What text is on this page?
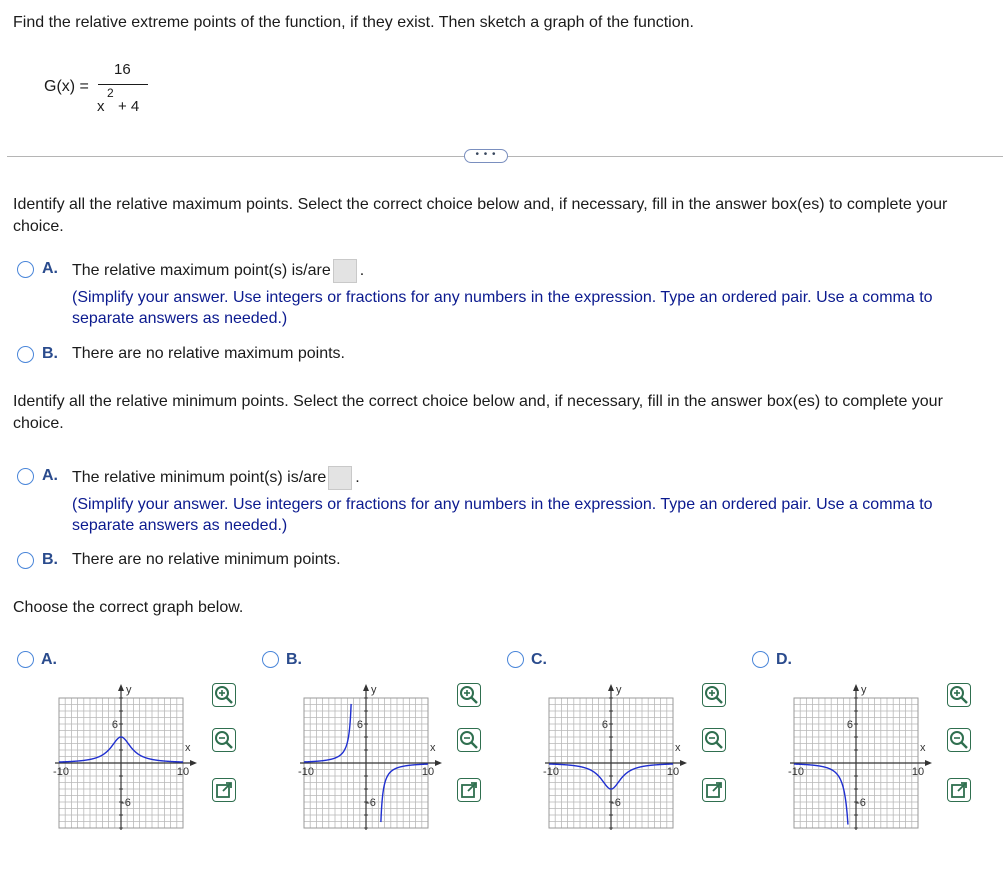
Find the relative extreme points of the function, if they exist. Then sketch a graph of the function.
G(x) =
16
x
2
+ 4
• • •
Identify all the relative maximum points. Select the correct choice below and, if necessary, fill in the answer box(es) to complete your choice.
A. The relative maximum point(s) is/are .
(Simplify your answer. Use integers or fractions for any numbers in the expression. Type an ordered pair. Use a comma to separate answers as needed.)
B. There are no relative maximum points.
Identify all the relative minimum points. Select the correct choice below and, if necessary, fill in the answer box(es) to complete your choice.
A. The relative minimum point(s) is/are .
(Simplify your answer. Use integers or fractions for any numbers in the expression. Type an ordered pair. Use a comma to separate answers as needed.)
B. There are no relative minimum points.
Choose the correct graph below.
A.
y
x
6
-6
-10	10
B.
y
x
6
-6
-10	10
C.
y
x
6
-6
-10	10
D.
y
x
6
-6
-10	10
